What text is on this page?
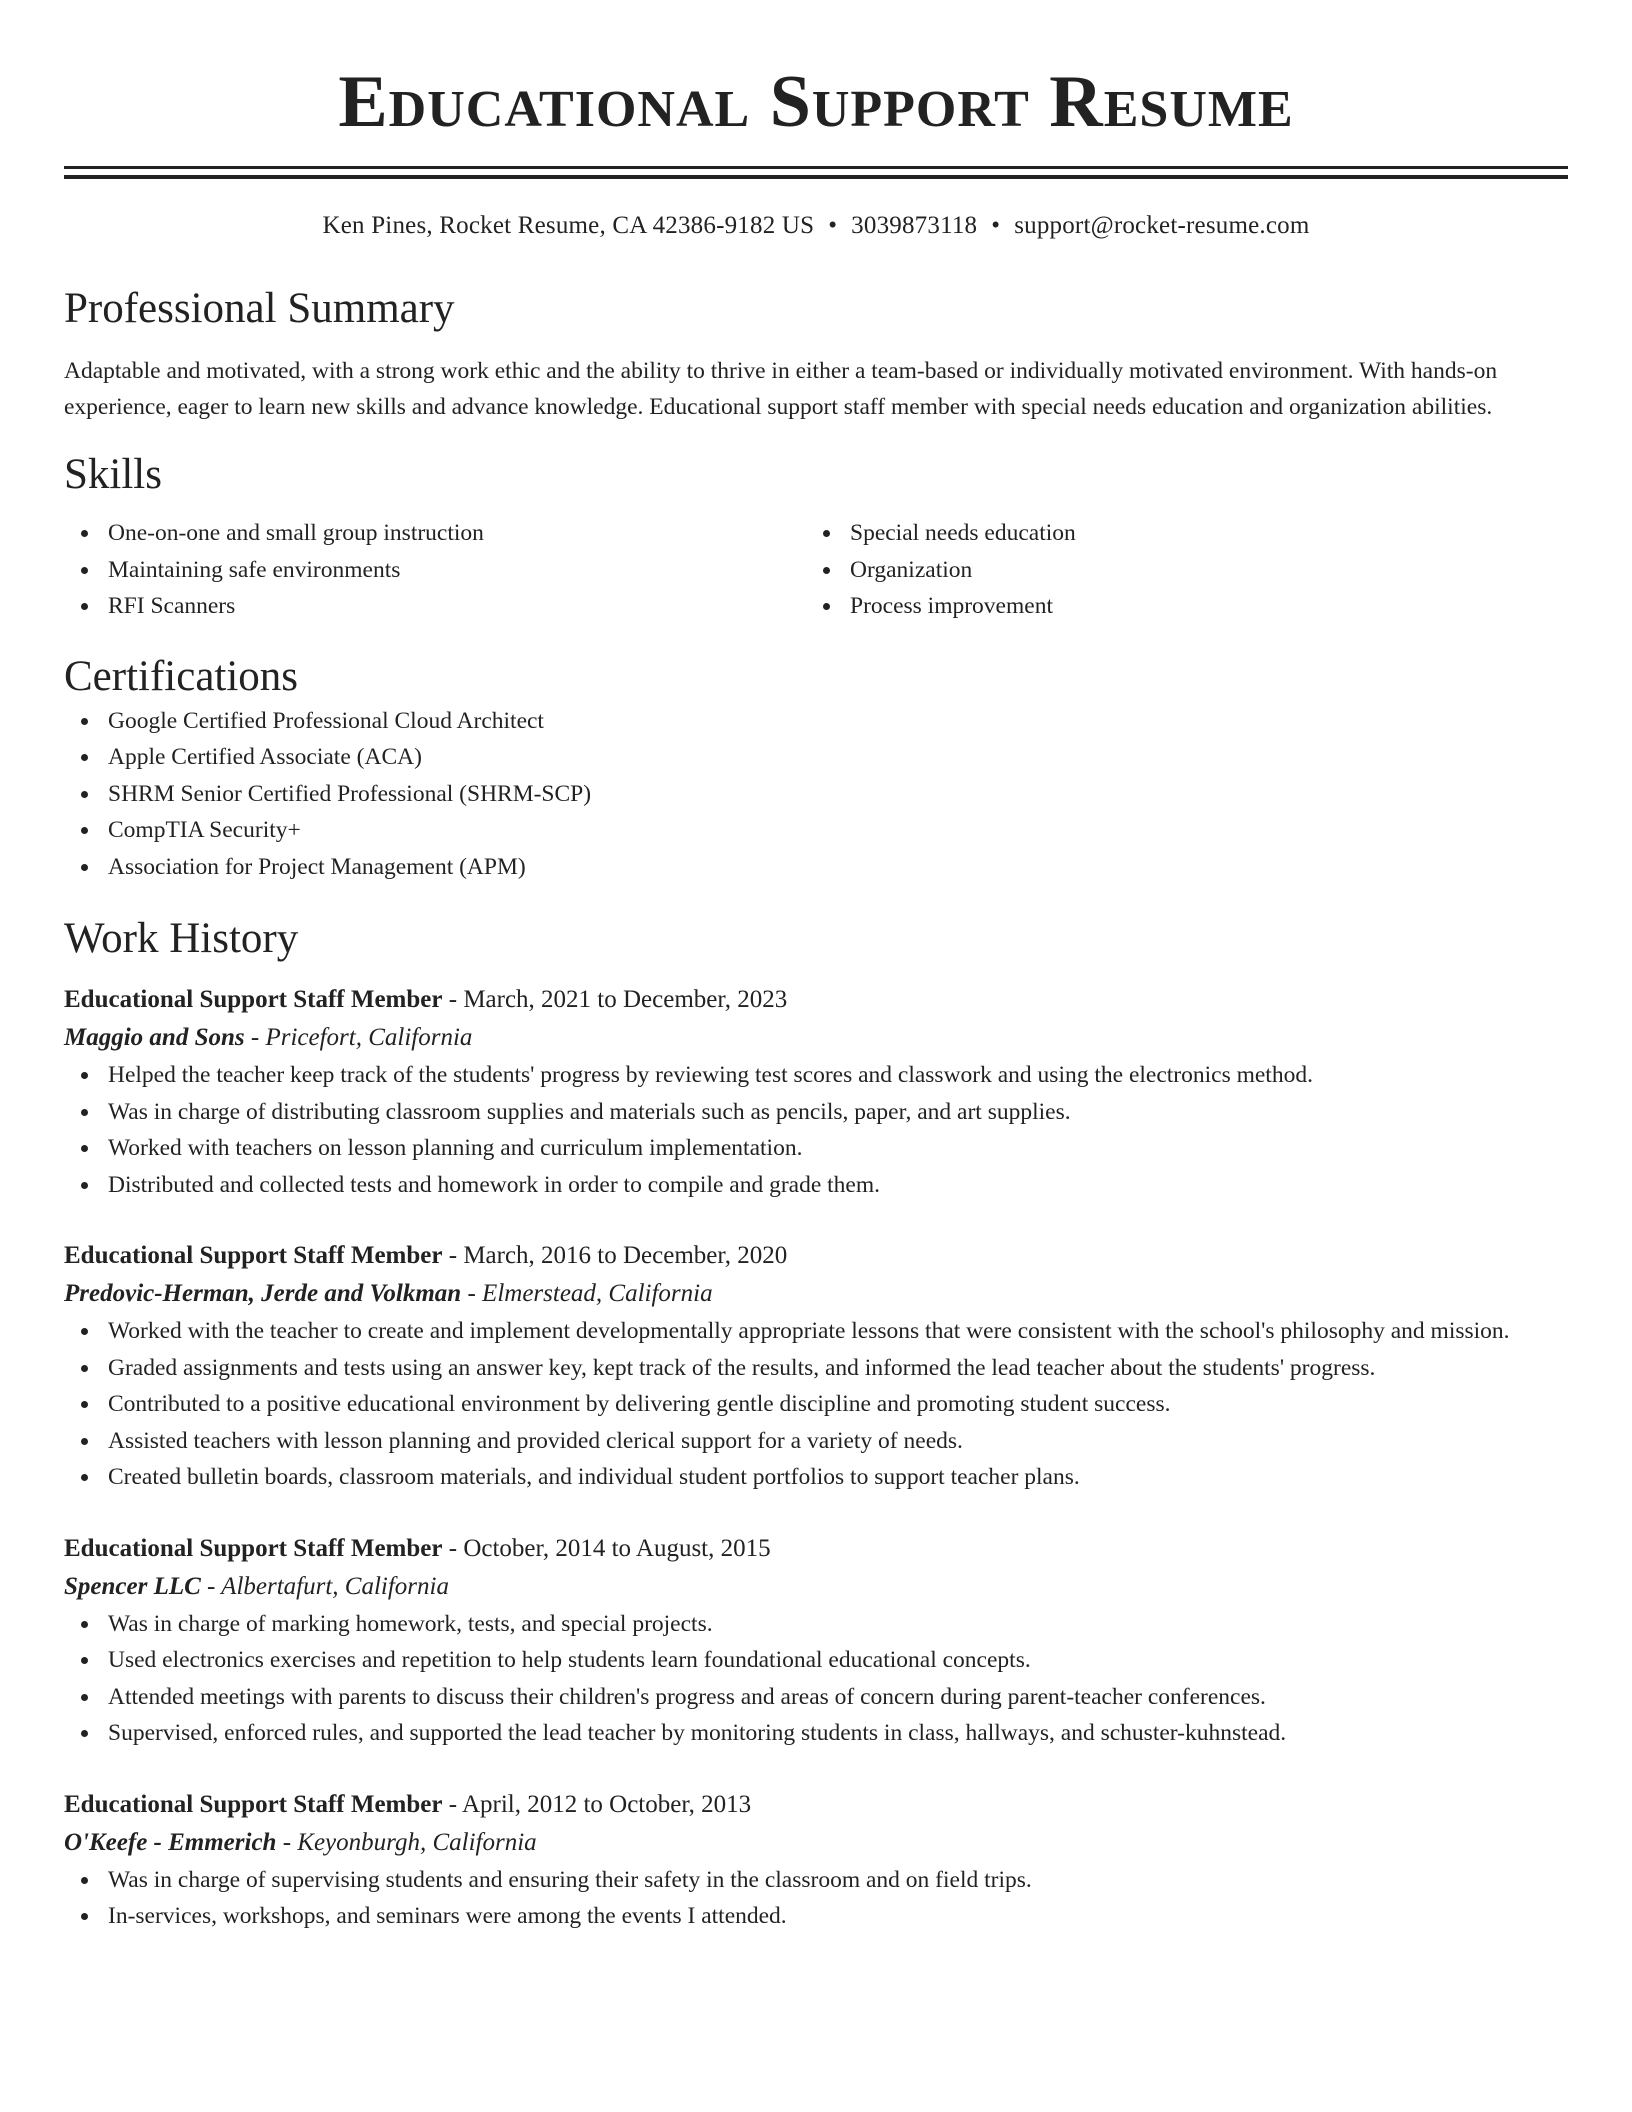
Educational Support Resume
Ken Pines, Rocket Resume, CA 42386-9182 US • 3039873118 • support@rocket-resume.com
Professional Summary

Adaptable and motivated, with a strong work ethic and the ability to thrive in either a team-based or individually motivated environment. With hands-on experience, eager to learn new skills and advance knowledge. Educational support staff member with special needs education and organization abilities.

Skills
One-on-one and small group instruction
Maintaining safe environments
RFI Scanners
Special needs education
Organization
Process improvement
Certifications
Google Certified Professional Cloud Architect
Apple Certified Associate (ACA)
SHRM Senior Certified Professional (SHRM-SCP)
CompTIA Security+
Association for Project Management (APM)
Work History
Educational Support Staff Member - March, 2021 to December, 2023
Maggio and Sons - Pricefort, California
Helped the teacher keep track of the students' progress by reviewing test scores and classwork and using the electronics method.
Was in charge of distributing classroom supplies and materials such as pencils, paper, and art supplies.
Worked with teachers on lesson planning and curriculum implementation.
Distributed and collected tests and homework in order to compile and grade them.
Educational Support Staff Member - March, 2016 to December, 2020
Predovic-Herman, Jerde and Volkman - Elmerstead, California
Worked with the teacher to create and implement developmentally appropriate lessons that were consistent with the school's philosophy and mission.
Graded assignments and tests using an answer key, kept track of the results, and informed the lead teacher about the students' progress.
Contributed to a positive educational environment by delivering gentle discipline and promoting student success.
Assisted teachers with lesson planning and provided clerical support for a variety of needs.
Created bulletin boards, classroom materials, and individual student portfolios to support teacher plans.
Educational Support Staff Member - October, 2014 to August, 2015
Spencer LLC - Albertafurt, California
Was in charge of marking homework, tests, and special projects.
Used electronics exercises and repetition to help students learn foundational educational concepts.
Attended meetings with parents to discuss their children's progress and areas of concern during parent-teacher conferences.
Supervised, enforced rules, and supported the lead teacher by monitoring students in class, hallways, and schuster-kuhnstead.
Educational Support Staff Member - April, 2012 to October, 2013
O'Keefe - Emmerich - Keyonburgh, California
Was in charge of supervising students and ensuring their safety in the classroom and on field trips.
In-services, workshops, and seminars were among the events I attended.
